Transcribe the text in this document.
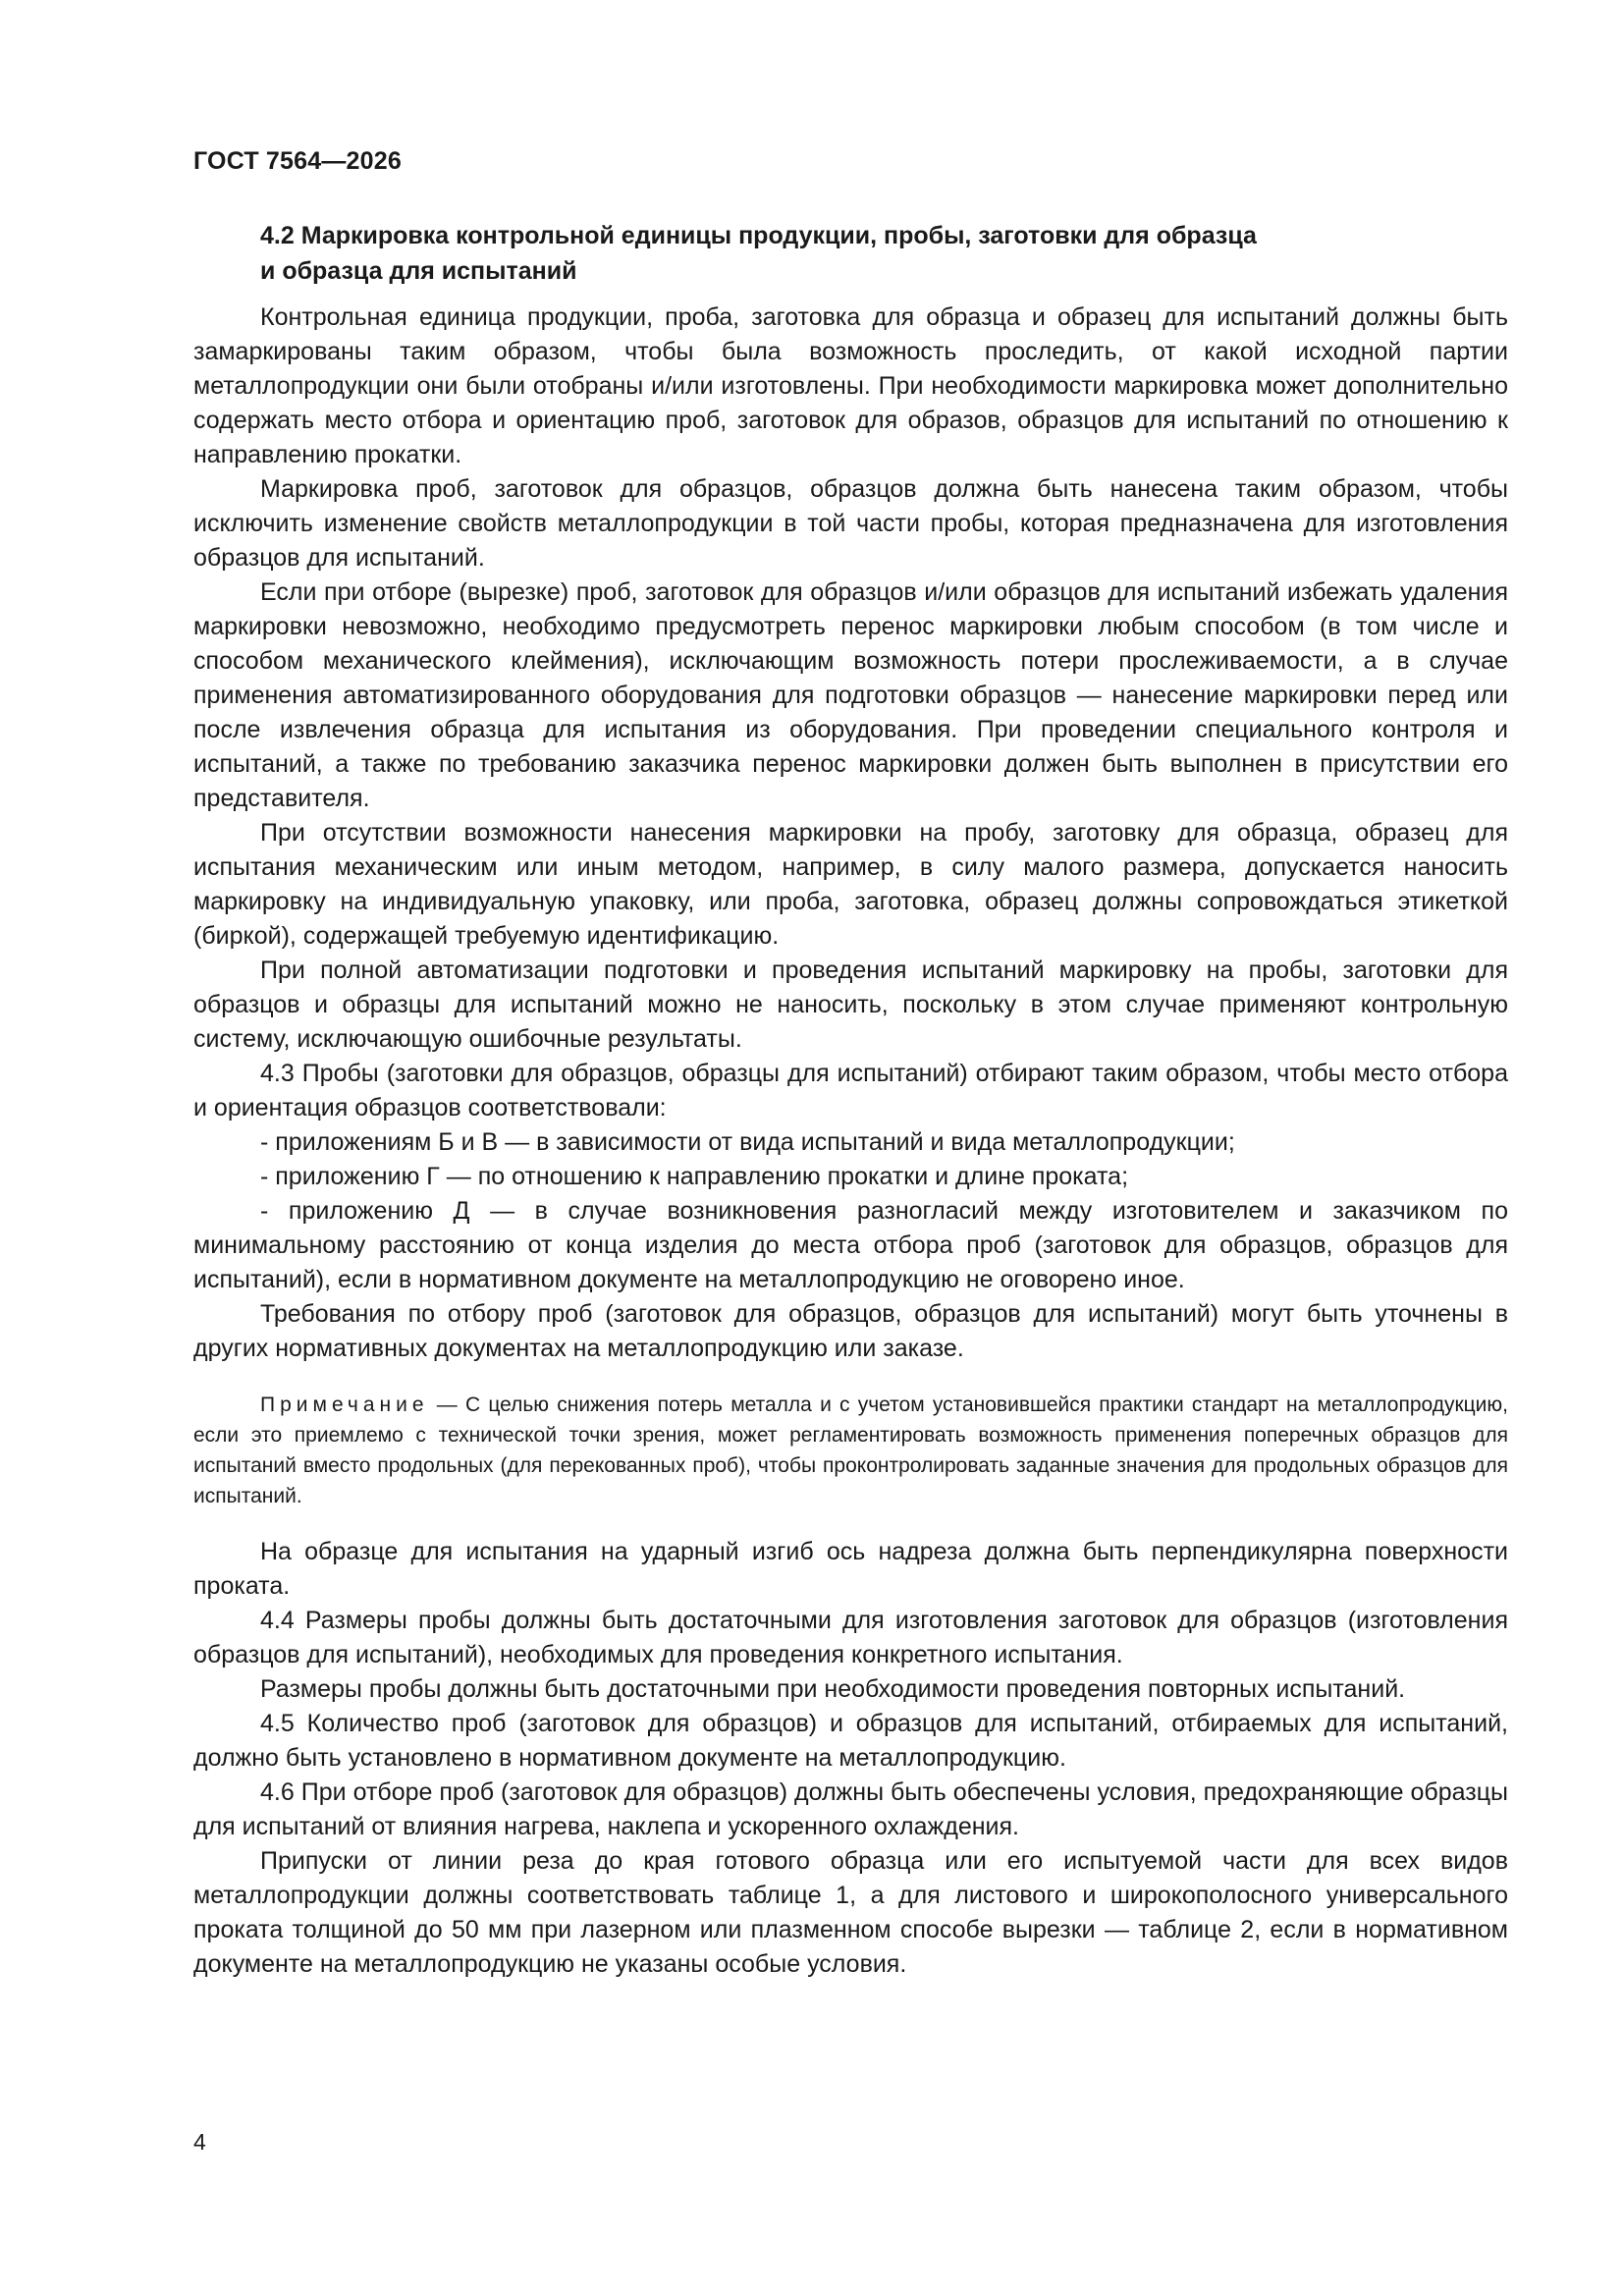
ГОСТ 7564—2026
4.2 Маркировка контрольной единицы продукции, пробы, заготовки для образца
и образца для испытаний

Контрольная единица продукции, проба, заготовка для образца и образец для испытаний должны быть замаркированы таким образом, чтобы была возможность проследить, от какой исходной партии металлопродукции они были отобраны и/или изготовлены. При необходимости маркировка может дополнительно содержать место отбора и ориентацию проб, заготовок для образов, образцов для испытаний по отношению к направлению прокатки.

Маркировка проб, заготовок для образцов, образцов должна быть нанесена таким образом, чтобы исключить изменение свойств металлопродукции в той части пробы, которая предназначена для изготовления образцов для испытаний.

Если при отборе (вырезке) проб, заготовок для образцов и/или образцов для испытаний избежать удаления маркировки невозможно, необходимо предусмотреть перенос маркировки любым способом (в том числе и способом механического клеймения), исключающим возможность потери прослеживаемости, а в случае применения автоматизированного оборудования для подготовки образцов — нанесение маркировки перед или после извлечения образца для испытания из оборудования. При проведении специального контроля и испытаний, а также по требованию заказчика перенос маркировки должен быть выполнен в присутствии его представителя.

При отсутствии возможности нанесения маркировки на пробу, заготовку для образца, образец для испытания механическим или иным методом, например, в силу малого размера, допускается наносить маркировку на индивидуальную упаковку, или проба, заготовка, образец должны сопровождаться этикеткой (биркой), содержащей требуемую идентификацию.

При полной автоматизации подготовки и проведения испытаний маркировку на пробы, заготовки для образцов и образцы для испытаний можно не наносить, поскольку в этом случае применяют контрольную систему, исключающую ошибочные результаты.

4.3 Пробы (заготовки для образцов, образцы для испытаний) отбирают таким образом, чтобы место отбора и ориентация образцов соответствовали:

- приложениям Б и В — в зависимости от вида испытаний и вида металлопродукции;

- приложению Г — по отношению к направлению прокатки и длине проката;

- приложению Д — в случае возникновения разногласий между изготовителем и заказчиком по минимальному расстоянию от конца изделия до места отбора проб (заготовок для образцов, образцов для испытаний), если в нормативном документе на металлопродукцию не оговорено иное.

Требования по отбору проб (заготовок для образцов, образцов для испытаний) могут быть уточнены в других нормативных документах на металлопродукцию или заказе.

Примечание — С целью снижения потерь металла и с учетом установившейся практики стандарт на металлопродукцию, если это приемлемо с технической точки зрения, может регламентировать возможность применения поперечных образцов для испытаний вместо продольных (для перекованных проб), чтобы проконтролировать заданные значения для продольных образцов для испытаний.

На образце для испытания на ударный изгиб ось надреза должна быть перпендикулярна поверхности проката.

4.4 Размеры пробы должны быть достаточными для изготовления заготовок для образцов (изготовления образцов для испытаний), необходимых для проведения конкретного испытания.

Размеры пробы должны быть достаточными при необходимости проведения повторных испытаний.

4.5 Количество проб (заготовок для образцов) и образцов для испытаний, отбираемых для испытаний, должно быть установлено в нормативном документе на металлопродукцию.

4.6 При отборе проб (заготовок для образцов) должны быть обеспечены условия, предохраняющие образцы для испытаний от влияния нагрева, наклепа и ускоренного охлаждения.

Припуски от линии реза до края готового образца или его испытуемой части для всех видов металлопродукции должны соответствовать таблице 1, а для листового и широкополосного универсального проката толщиной до 50 мм при лазерном или плазменном способе вырезки — таблице 2, если в нормативном документе на металлопродукцию не указаны особые условия.

4
